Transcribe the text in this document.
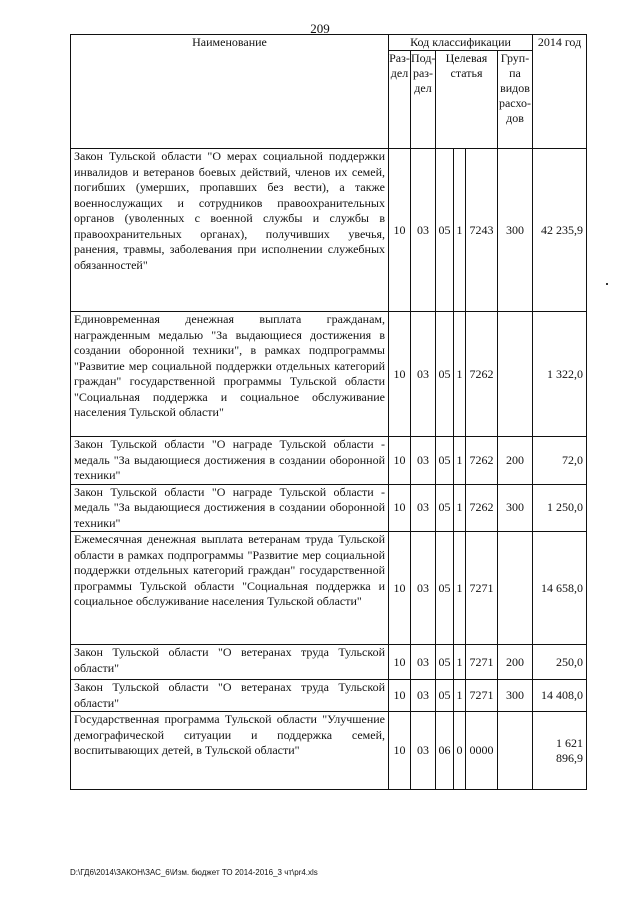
209
Наименование	Код классификации						2014 год
	Раз-дел	Под-раз-дел	Целевая статья			Груп-па видов расхо-дов	
Закон Тульской области "О мерах социальной поддержки инвалидов и ветеранов боевых действий, членов их семей, погибших (умерших, пропавших без вести), а также военнослужащих и сотрудников правоохранительных органов (уволенных с военной службы и службы в правоохранительных органах), получивших увечья, ранения, травмы, заболевания при исполнении служебных обязанностей"	10	03	05	1	7243	300	42 235,9
Единовременная денежная выплата гражданам, награжденным медалью "За выдающиеся достижения в создании оборонной техники", в рамках подпрограммы "Развитие мер социальной поддержки отдельных категорий граждан" государственной программы Тульской области "Социальная поддержка и социальное обслуживание населения Тульской области"	10	03	05	1	7262		1 322,0
Закон Тульской области "О награде Тульской области - медаль "За выдающиеся достижения в создании оборонной техники"	10	03	05	1	7262	200	72,0
Закон Тульской области "О награде Тульской области - медаль "За выдающиеся достижения в создании оборонной техники"	10	03	05	1	7262	300	1 250,0
Ежемесячная денежная выплата ветеранам труда Тульской области в рамках подпрограммы "Развитие мер социальной поддержки отдельных категорий граждан" государственной программы Тульской области "Социальная поддержка и социальное обслуживание населения Тульской области"	10	03	05	1	7271		14 658,0
Закон Тульской области "О ветеранах труда Тульской области"	10	03	05	1	7271	200	250,0
Закон Тульской области "О ветеранах труда Тульской области"	10	03	05	1	7271	300	14 408,0
Государственная программа Тульской области "Улучшение демографической ситуации и поддержка семей, воспитывающих детей, в Тульской области"	10	03	06	0	0000		1 621 896,9
D:\ГД6\2014\ЗАКОН\ЗАС_6\Изм. бюджет ТО 2014-2016_3 чт\pr4.xls
